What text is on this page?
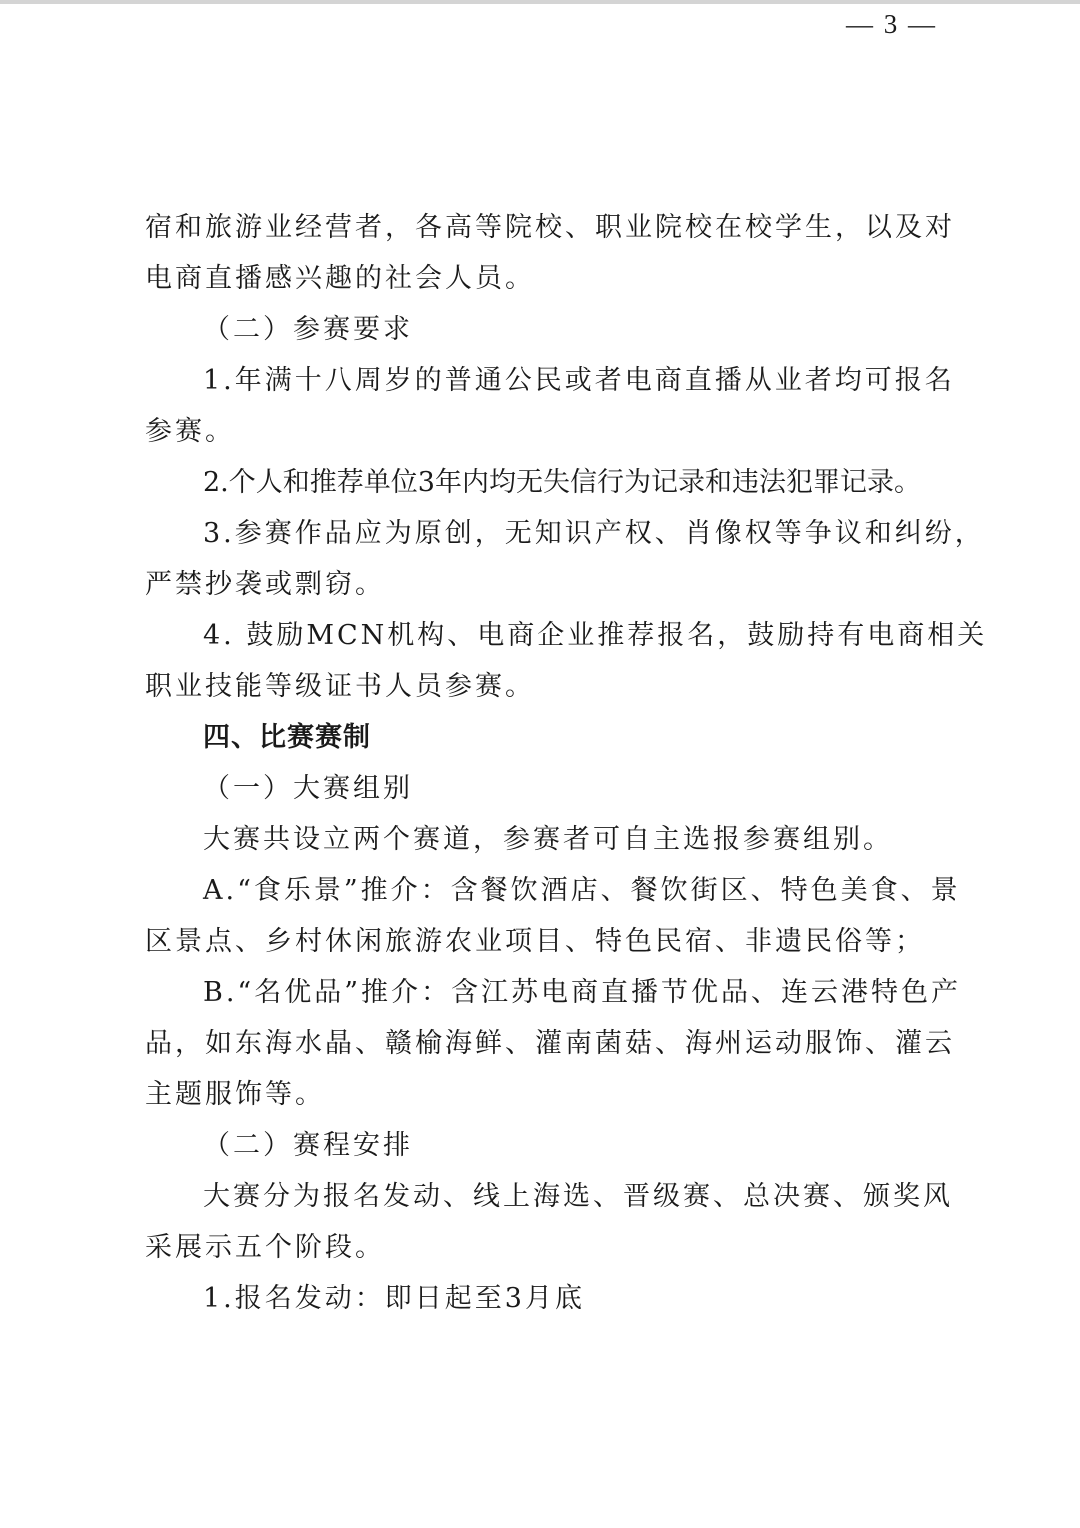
— 3 —
宿和旅游业经营者，各高等院校、职业院校在校学生，以及对
电商直播感兴趣的社会人员。
（二）参赛要求
1.年满十八周岁的普通公民或者电商直播从业者均可报名
参赛。
2.个人和推荐单位3年内均无失信行为记录和违法犯罪记录。
3.参赛作品应为原创，无知识产权、肖像权等争议和纠纷，
严禁抄袭或剽窃。
4. 鼓励MCN机构、电商企业推荐报名，鼓励持有电商相关
职业技能等级证书人员参赛。
四、比赛赛制
（一）大赛组别
大赛共设立两个赛道，参赛者可自主选报参赛组别。
A.“食乐景”推介：含餐饮酒店、餐饮街区、特色美食、景
区景点、乡村休闲旅游农业项目、特色民宿、非遗民俗等；
B.“名优品”推介：含江苏电商直播节优品、连云港特色产
品，如东海水晶、赣榆海鲜、灌南菌菇、海州运动服饰、灌云
主题服饰等。
（二）赛程安排
大赛分为报名发动、线上海选、晋级赛、总决赛、颁奖风
采展示五个阶段。
1.报名发动：即日起至3月底
